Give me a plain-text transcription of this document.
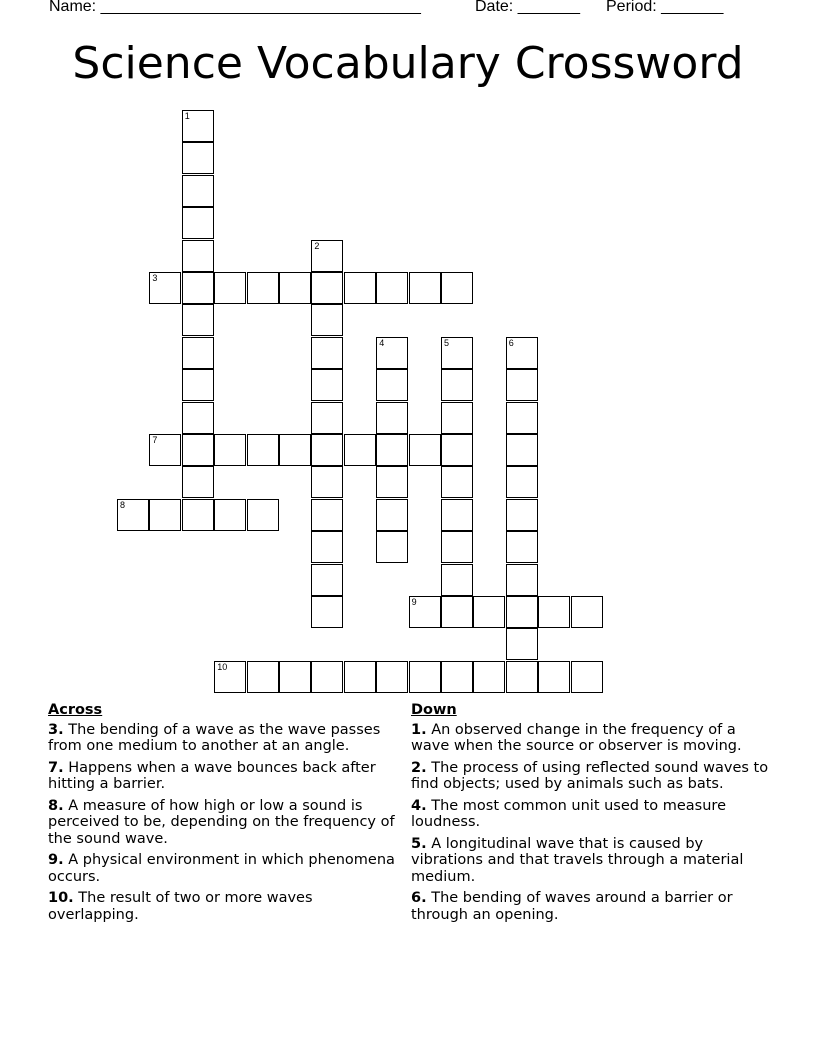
Name: ____________________________________	Date: _______ Period: _______
Science Vocabulary Crossword
1
2
3
4	5	6
7
8
9
10
Across
3. The bending of a wave as the wave passes from one medium to another at an angle.
7. Happens when a wave bounces back after hitting a barrier.
8. A measure of how high or low a sound is perceived to be, depending on the frequency of the sound wave.
9. A physical environment in which phenomena occurs.
10. The result of two or more waves overlapping.
Down
1. An observed change in the frequency of a wave when the source or observer is moving.
2. The process of using reflected sound waves to find objects; used by animals such as bats.
4. The most common unit used to measure loudness.
5. A longitudinal wave that is caused by vibrations and that travels through a material medium.
6. The bending of waves around a barrier or through an opening.
